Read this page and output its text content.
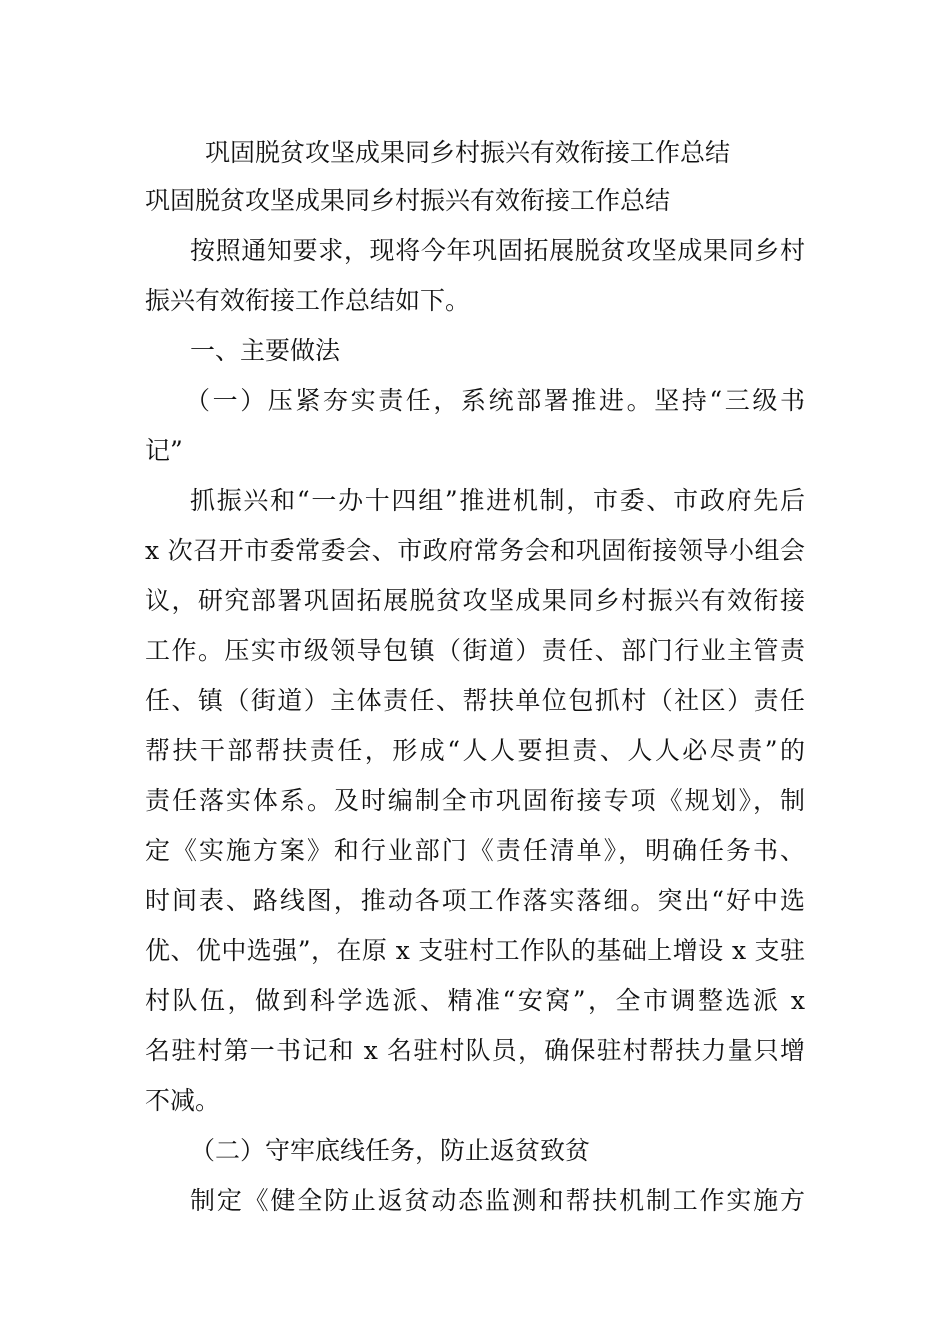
巩固脱贫攻坚成果同乡村振兴有效衔接工作总结
巩固脱贫攻坚成果同乡村振兴有效衔接工作总结
按照通知要求，现将今年巩固拓展脱贫攻坚成果同乡村
振兴有效衔接工作总结如下。
一、主要做法
（一）压紧夯实责任，系统部署推进。坚持“三级书
记”
抓振兴和“一办十四组”推进机制，市委、市政府先后
x 次召开市委常委会、市政府常务会和巩固衔接领导小组会
议，研究部署巩固拓展脱贫攻坚成果同乡村振兴有效衔接
工作。压实市级领导包镇（街道）责任、部门行业主管责
任、镇（街道）主体责任、帮扶单位包抓村（社区）责任
帮扶干部帮扶责任，形成“人人要担责、人人必尽责”的
责任落实体系。及时编制全市巩固衔接专项《规划》，制
定《实施方案》和行业部门《责任清单》，明确任务书、
时间表、路线图，推动各项工作落实落细。突出“好中选
优、优中选强”，在原 x 支驻村工作队的基础上增设 x 支驻
村队伍，做到科学选派、精准“安窝”，全市调整选派 x
名驻村第一书记和 x 名驻村队员，确保驻村帮扶力量只增
不减。
（二）守牢底线任务，防止返贫致贫
制定《健全防止返贫动态监测和帮扶机制工作实施方
